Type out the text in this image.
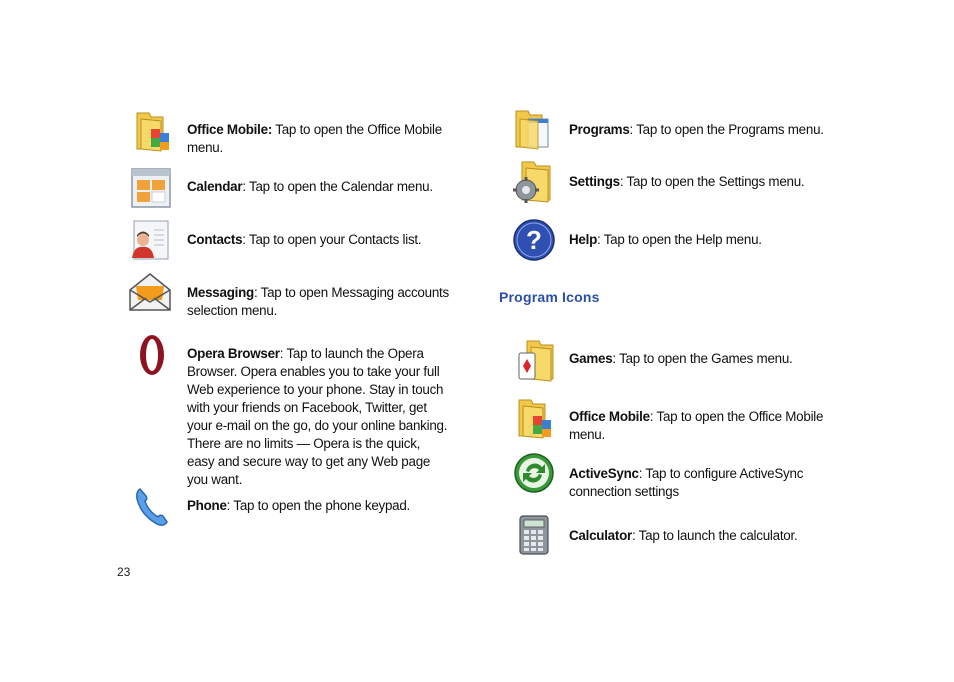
Office Mobile: Tap to open the Office Mobile menu.
Calendar: Tap to open the Calendar menu.
Contacts: Tap to open your Contacts list.
Messaging: Tap to open Messaging accounts selection menu.
Opera Browser: Tap to launch the Opera Browser. Opera enables you to take your full Web experience to your phone. Stay in touch with your friends on Facebook, Twitter, get your e-mail on the go, do your online banking. There are no limits — Opera is the quick, easy and secure way to get any Web page you want.
Phone: Tap to open the phone keypad.
Programs: Tap to open the Programs menu.
Settings: Tap to open the Settings menu.
? Help: Tap to open the Help menu.
Program Icons
Games: Tap to open the Games menu.
Office Mobile: Tap to open the Office Mobile menu.
ActiveSync: Tap to configure ActiveSync connection settings
Calculator: Tap to launch the calculator.
23
